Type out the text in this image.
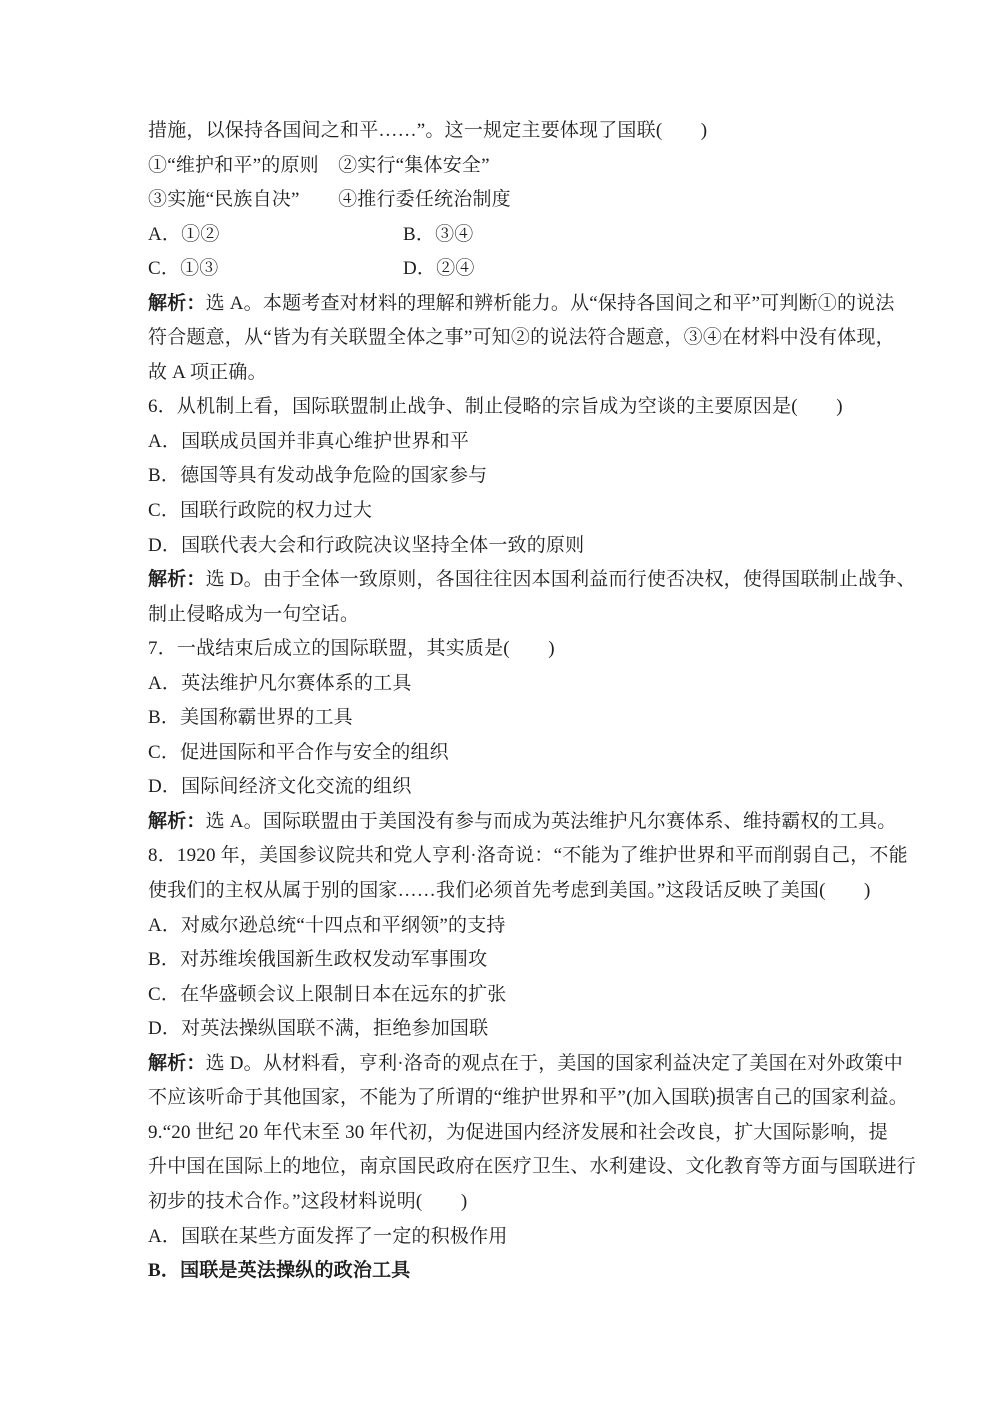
措施，以保持各国间之和平……”。这一规定主要体现了国联(　　)
①“维护和平”的原则　②实行“集体安全”
③实施“民族自决”　　④推行委任统治制度
A．①②	B．③④
C．①③	D．②④
解析：选 A。本题考查对材料的理解和辨析能力。从“保持各国间之和平”可判断①的说法
符合题意，从“皆为有关联盟全体之事”可知②的说法符合题意，③④在材料中没有体现，
故 A 项正确。
6．从机制上看，国际联盟制止战争、制止侵略的宗旨成为空谈的主要原因是(　　)
A．国联成员国并非真心维护世界和平
B．德国等具有发动战争危险的国家参与
C．国联行政院的权力过大
D．国联代表大会和行政院决议坚持全体一致的原则
解析：选 D。由于全体一致原则，各国往往因本国利益而行使否决权，使得国联制止战争、
制止侵略成为一句空话。
7．一战结束后成立的国际联盟，其实质是(　　)
A．英法维护凡尔赛体系的工具
B．美国称霸世界的工具
C．促进国际和平合作与安全的组织
D．国际间经济文化交流的组织
解析：选 A。国际联盟由于美国没有参与而成为英法维护凡尔赛体系、维持霸权的工具。
8．1920 年，美国参议院共和党人亨利·洛奇说：“不能为了维护世界和平而削弱自己，不能
使我们的主权从属于别的国家……我们必须首先考虑到美国。”这段话反映了美国(　　)
A．对威尔逊总统“十四点和平纲领”的支持
B．对苏维埃俄国新生政权发动军事围攻
C．在华盛顿会议上限制日本在远东的扩张
D．对英法操纵国联不满，拒绝参加国联
解析：选 D。从材料看，亨利·洛奇的观点在于，美国的国家利益决定了美国在对外政策中
不应该听命于其他国家，不能为了所谓的“维护世界和平”(加入国联)损害自己的国家利益。
9.“20 世纪 20 年代末至 30 年代初，为促进国内经济发展和社会改良，扩大国际影响，提
升中国在国际上的地位，南京国民政府在医疗卫生、水利建设、文化教育等方面与国联进行
初步的技术合作。”这段材料说明(　　)
A．国联在某些方面发挥了一定的积极作用
B．国联是英法操纵的政治工具
